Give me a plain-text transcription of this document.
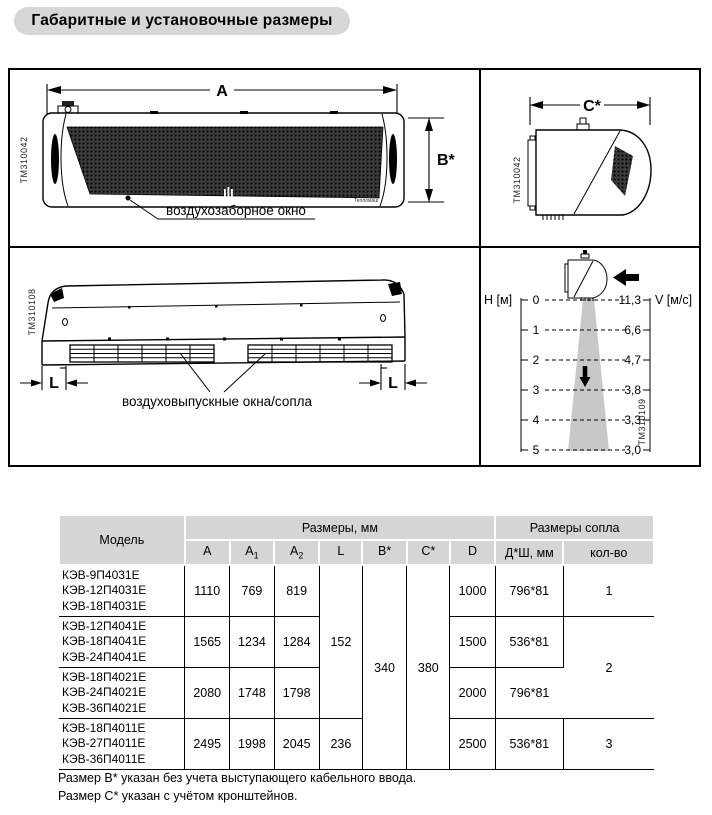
Габаритные и установочные размеры
A
Тепломаш
B*
воздухозаборное окно
TM310042
C*
TM310042
L	L
воздуховыпускные окна/сопла
TM310108	0
1
2
3
4
5
11,3
6,6
4,7
3,8
3,3
3,0
Н [м]	V [м/с]
TM310109
Модель	Размеры, мм							Размеры сопла	
	A	$A_1$	$A_2$	L	B*	C*	D	Д*Ш, мм	кол-во

КЭВ-9П4031Е
КЭВ-12П4031Е
КЭВ-18П4031Е	1110	769	819	152	340	380	1000	796*81	1

КЭВ-12П4041Е
КЭВ-18П4041Е
КЭВ-24П4041Е	1565	1234	1284				1500	536*81	2

КЭВ-18П4021Е
КЭВ-24П4021Е
КЭВ-36П4021Е	2080	1748	1798				2000	796*81	

КЭВ-18П4011Е
КЭВ-27П4011Е
КЭВ-36П4011Е	2495	1998	2045	236			2500	536*81	3
Размер B* указан без учета выступающего кабельного ввода.
Размер C* указан с учётом кронштейнов.
